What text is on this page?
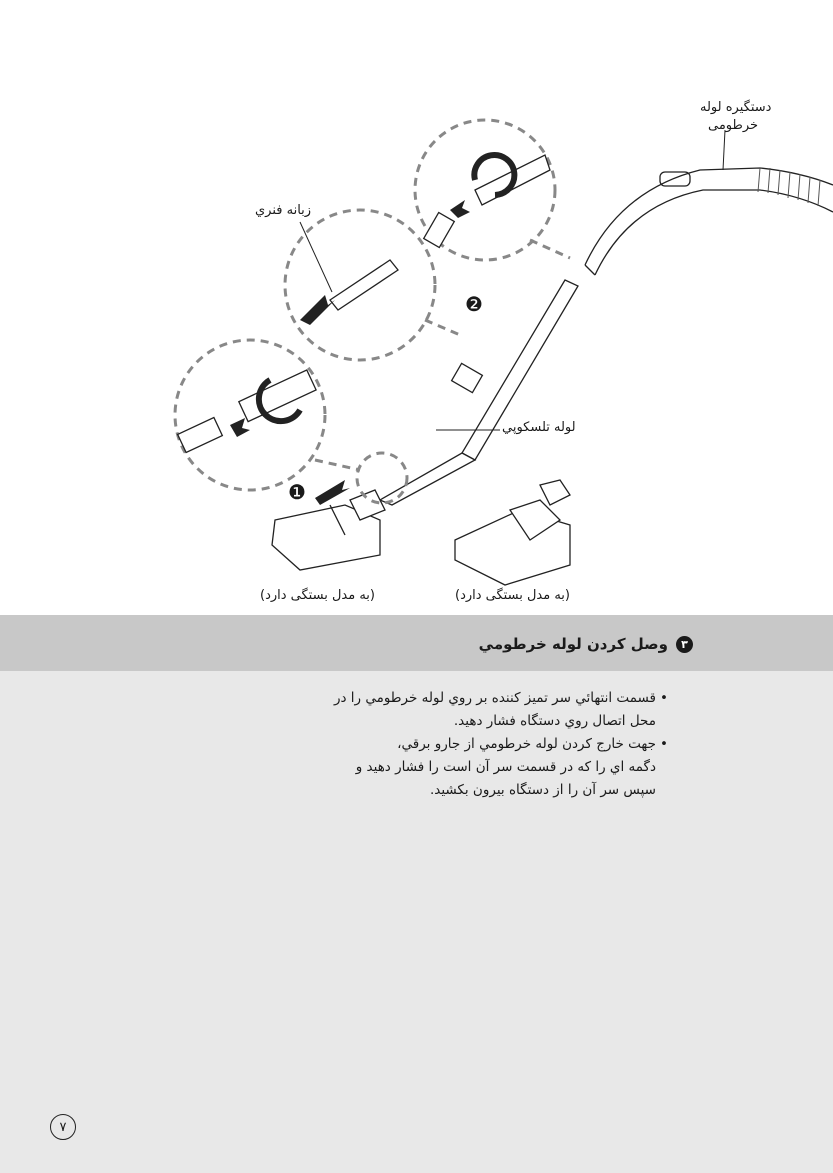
دستگيره لوله
خرطومی
زبانه فنري
لوله تلسكوپي
(به مدل بستگی دارد)	(به مدل بستگی دارد)
❶
❷
۳
وصل كردن لوله خرطومي
• قسمت انتهائي سر تميز كننده بر روي لوله خرطومي را در
محل اتصال روي دستگاه فشار دهيد.
• جهت خارج كردن لوله خرطومي از جارو برقي،
دگمه اي را كه در قسمت سر آن است را فشار دهيد و
سپس سر آن را از دستگاه بيرون بكشيد.
۷
